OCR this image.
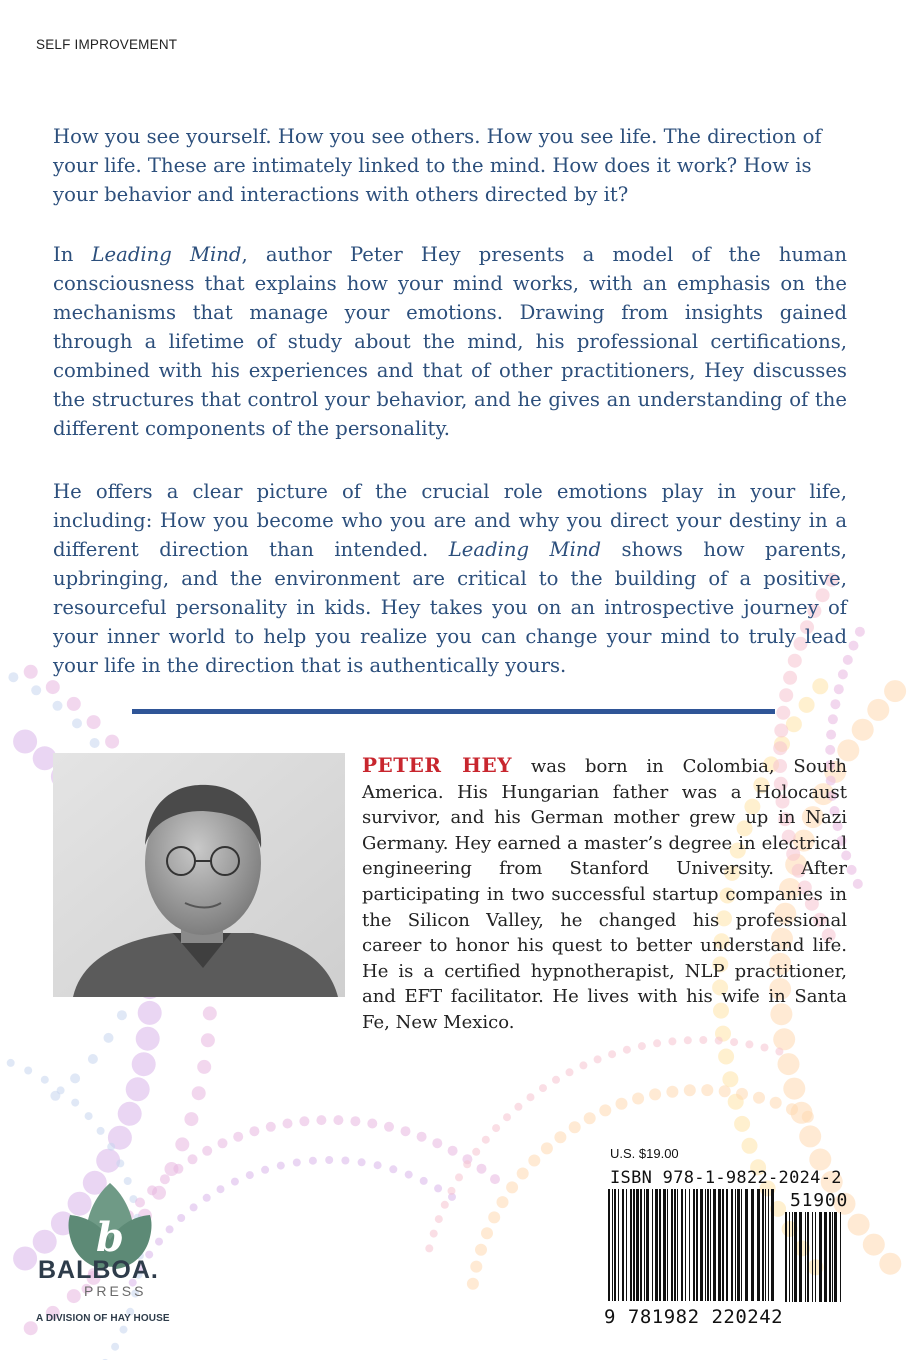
SELF IMPROVEMENT

How you see yourself. How you see others. How you see life. The direction of your life. These are intimately linked to the mind. How does it work? How is your behavior and interactions with others directed by it?

In Leading Mind, author Peter Hey presents a model of the human consciousness that explains how your mind works, with an emphasis on the mechanisms that manage your emotions. Drawing from insights gained through a lifetime of study about the mind, his professional certifications, combined with his experiences and that of other practitioners, Hey discusses the structures that control your behavior, and he gives an understanding of the different components of the personality.

He offers a clear picture of the crucial role emotions play in your life, including: How you become who you are and why you direct your destiny in a different direction than intended. Leading Mind shows how parents, upbringing, and the environment are critical to the building of a positive, resourceful personality in kids. Hey takes you on an introspective journey of your inner world to help you realize you can change your mind to truly lead your life in the direction that is authentically yours.

PETER HEY was born in Colombia, South America. His Hungarian father was a Holocaust survivor, and his German mother grew up in Nazi Germany. Hey earned a master’s degree in electrical engineering from Stanford University. After participating in two successful startup companies in the Silicon Valley, he changed his professional career to honor his quest to better understand life. He is a certified hypnotherapist, NLP practitioner, and EFT facilitator. He lives with his wife in Santa Fe, New Mexico.

U.S. $19.00
ISBN 978-1-9822-2024-2
51900
9 781982 220242
b
BALBOA.
PRESS
A DIVISION OF HAY HOUSE
